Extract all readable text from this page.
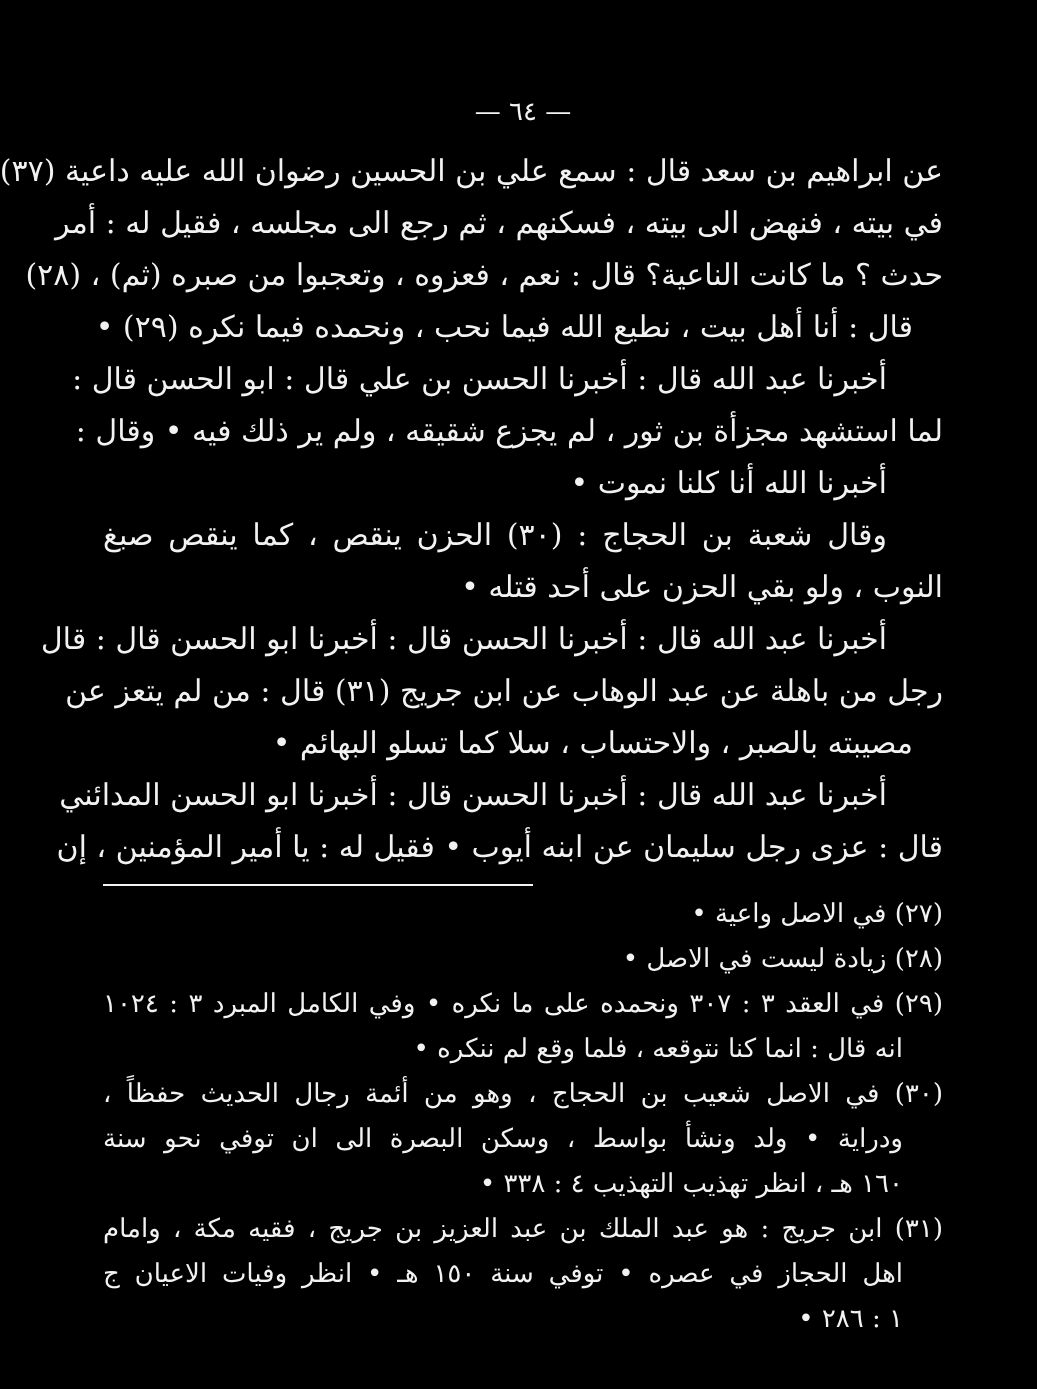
— ٦٤ —
عن ابراهيم بن سعد قال : سمع علي بن الحسين رضوان الله عليه داعية (٣٧)
في بيته ، فنهض الى بيته ، فسكنهم ، ثم رجع الى مجلسه ، فقيل له : أمر
حدث ؟ ما كانت الناعية؟ قال : نعم ، فعزوه ، وتعجبوا من صبره (ثم) ، (٢٨)
قال : أنا أهل بيت ، نطيع الله فيما نحب ، ونحمده فيما نكره (٢٩) •
أخبرنا عبد الله قال : أخبرنا الحسن بن علي قال : ابو الحسن قال :
لما استشهد مجزأة بن ثور ، لم يجزع شقيقه ، ولم ير ذلك فيه • وقال :
أخبرنا الله أنا كلنا نموت •
وقال شعبة بن الحجاج : (٣٠) الحزن ينقص ، كما ينقص صبغ
النوب ، ولو بقي الحزن على أحد قتله •
أخبرنا عبد الله قال : أخبرنا الحسن قال : أخبرنا ابو الحسن قال : قال
رجل من باهلة عن عبد الوهاب عن ابن جريج (٣١) قال : من لم يتعز عن
مصيبته بالصبر ، والاحتساب ، سلا كما تسلو البهائم •
أخبرنا عبد الله قال : أخبرنا الحسن قال : أخبرنا ابو الحسن المدائني
قال : عزى رجل سليمان عن ابنه أيوب • فقيل له : يا أمير المؤمنين ، إن
(٢٧) في الاصل واعية •
(٢٨) زيادة ليست في الاصل •
(٢٩) في العقد ٣ : ٣٠٧ ونحمده على ما نكره • وفي الكامل المبرد ٣ : ١٠٢٤
انه قال : انما كنا نتوقعه ، فلما وقع لم ننكره •
(٣٠) في الاصل شعيب بن الحجاج ، وهو من أئمة رجال الحديث حفظاً ،
ودراية • ولد ونشأ بواسط ، وسكن البصرة الى ان توفي نحو سنة
١٦٠ هـ ، انظر تهذيب التهذيب ٤ : ٣٣٨ •
(٣١) ابن جريج : هو عبد الملك بن عبد العزيز بن جريج ، فقيه مكة ، وامام
اهل الحجاز في عصره • توفي سنة ١٥٠ هـ • انظر وفيات الاعيان ج
١ : ٢٨٦ •
